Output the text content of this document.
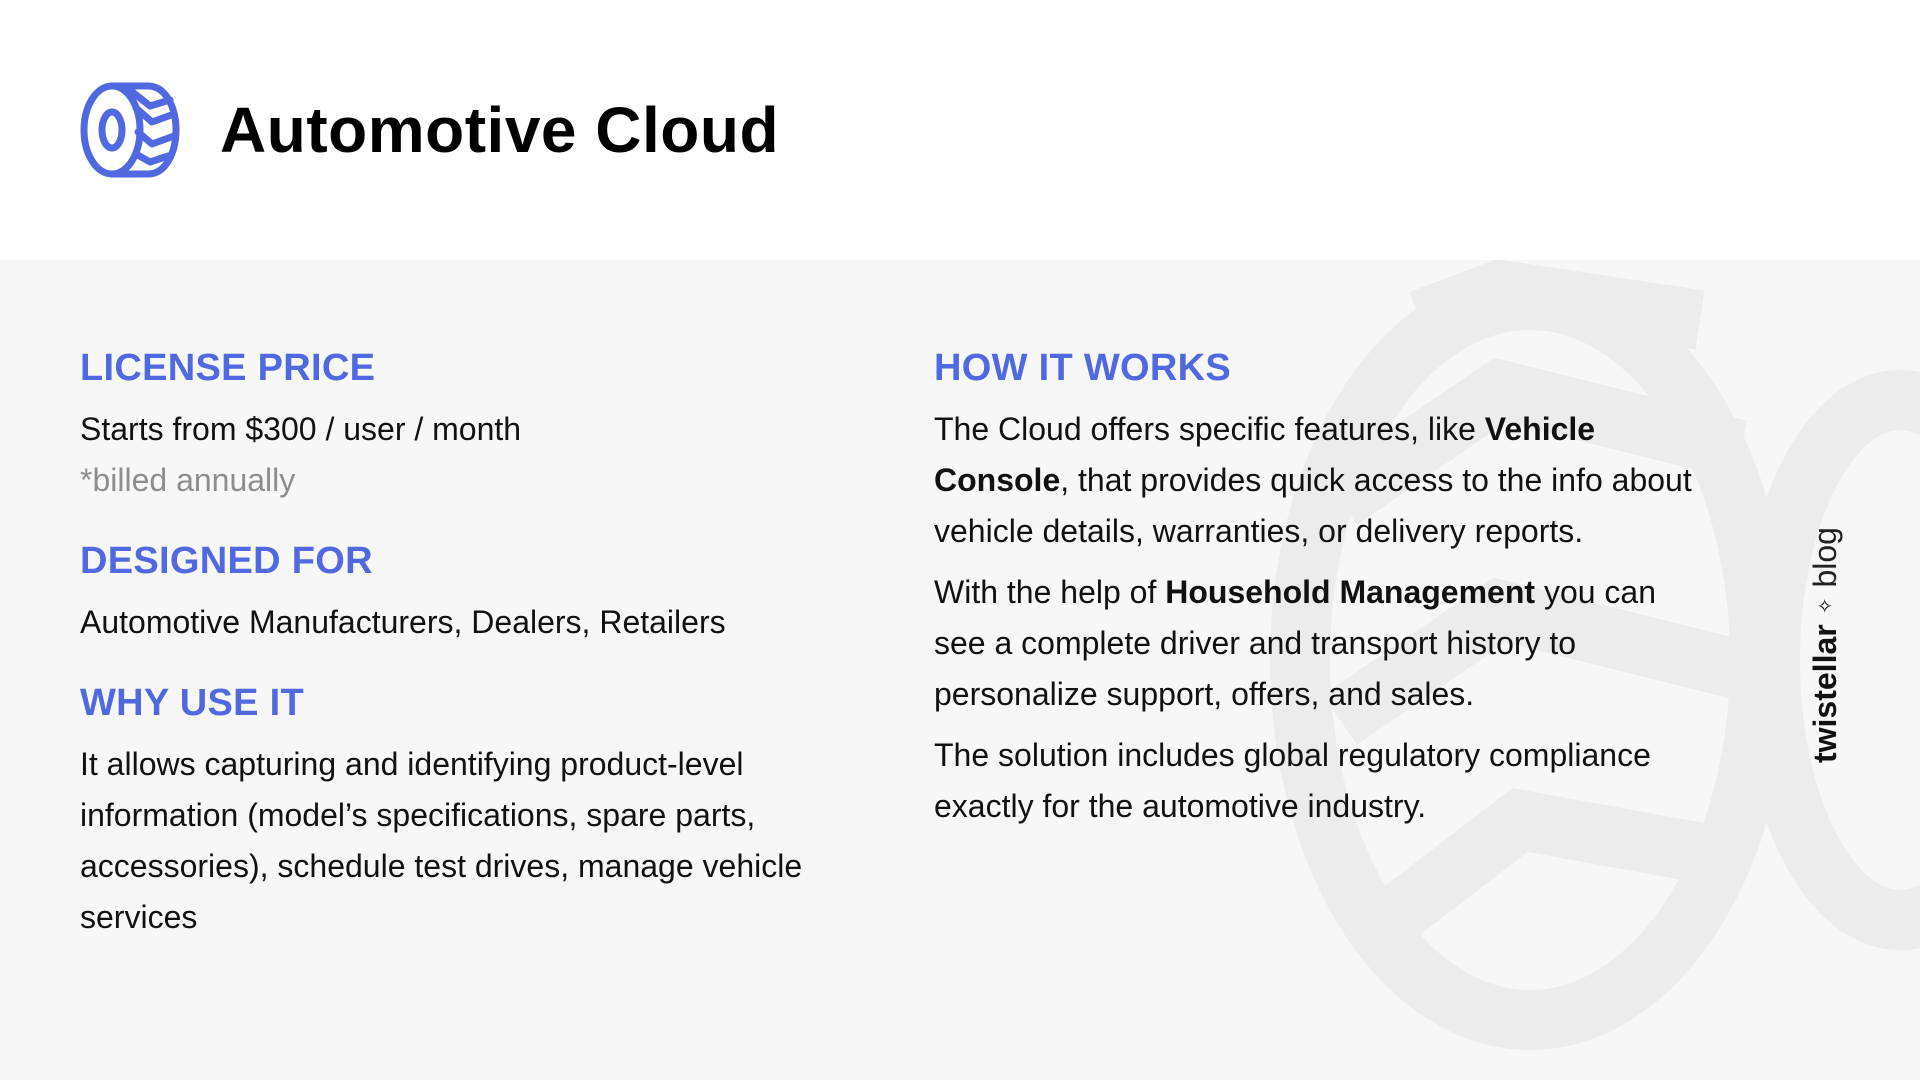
Automotive Cloud
LICENSE PRICE

Starts from $300 / user / month

*billed annually

DESIGNED FOR

Automotive Manufacturers, Dealers, Retailers

WHY USE IT

It allows capturing and identifying product-level information (model’s specifications, spare parts, accessories), schedule test drives, manage vehicle services

HOW IT WORKS

The Cloud offers specific features, like Vehicle Console, that provides quick access to the info about vehicle details, warranties, or delivery reports.

With the help of Household Management you can see a complete driver and transport history to personalize support, offers, and sales.

The solution includes global regulatory compliance exactly for the automotive industry.

twistellar
✧
blog
